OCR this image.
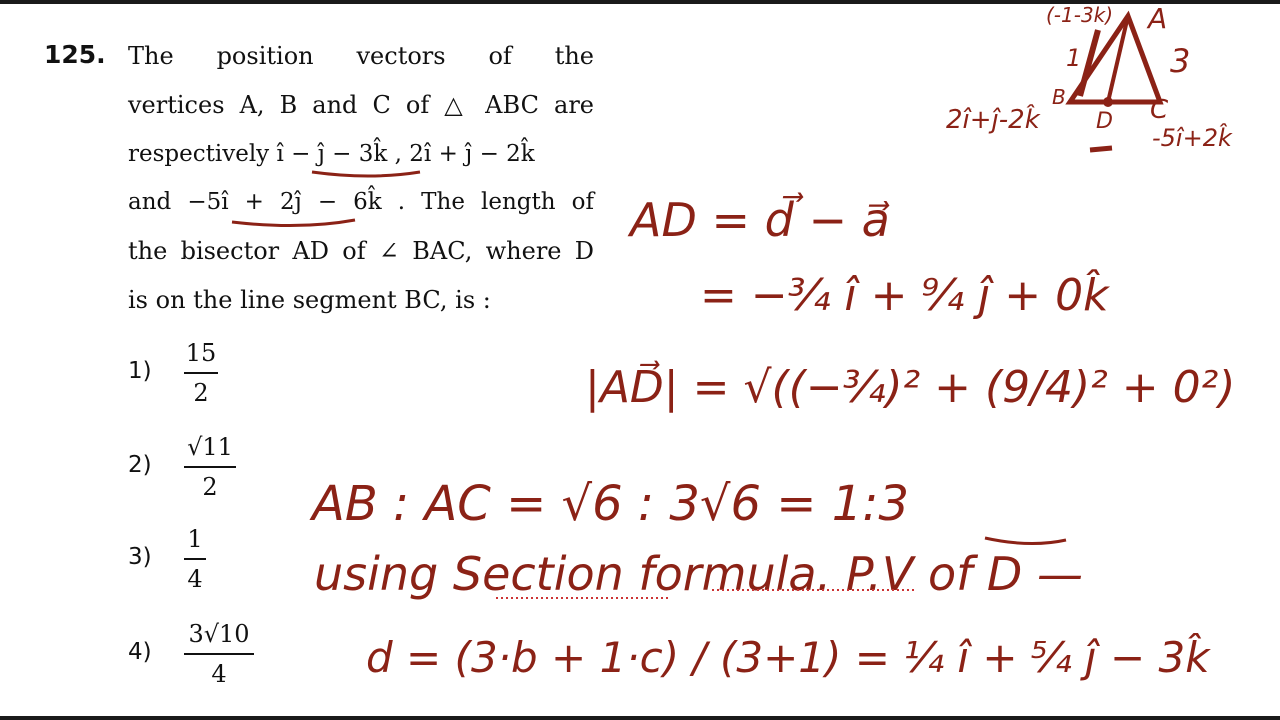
125. The position vectors of the
vertices A, B and C of △ ABC are
respectively î − ĵ − 3k̂ , 2î + ĵ − 2k̂
and −5î + 2ĵ − 6k̂ . The length of
the bisector AD of ∠ BAC, where D
is on the line segment BC, is :
1)
15
2
2)
√11
2
3)
1
4
4)
3√10
4
A
B	C
D
1	3
(-1-3k)
2î+ĵ-2k̂
-5î+2k̂
AD = d⃗ − a⃗
= −¾ î + ⁹⁄₄ ĵ + 0k̂
|AD⃗| = √((−¾)² + (9/4)² + 0²)
AB : AC = √6 : 3√6 = 1:3
using Section formula. P.V of D —
d = (3·b + 1·c) / (3+1) = ¼ î + ⁵⁄₄ ĵ − 3k̂
